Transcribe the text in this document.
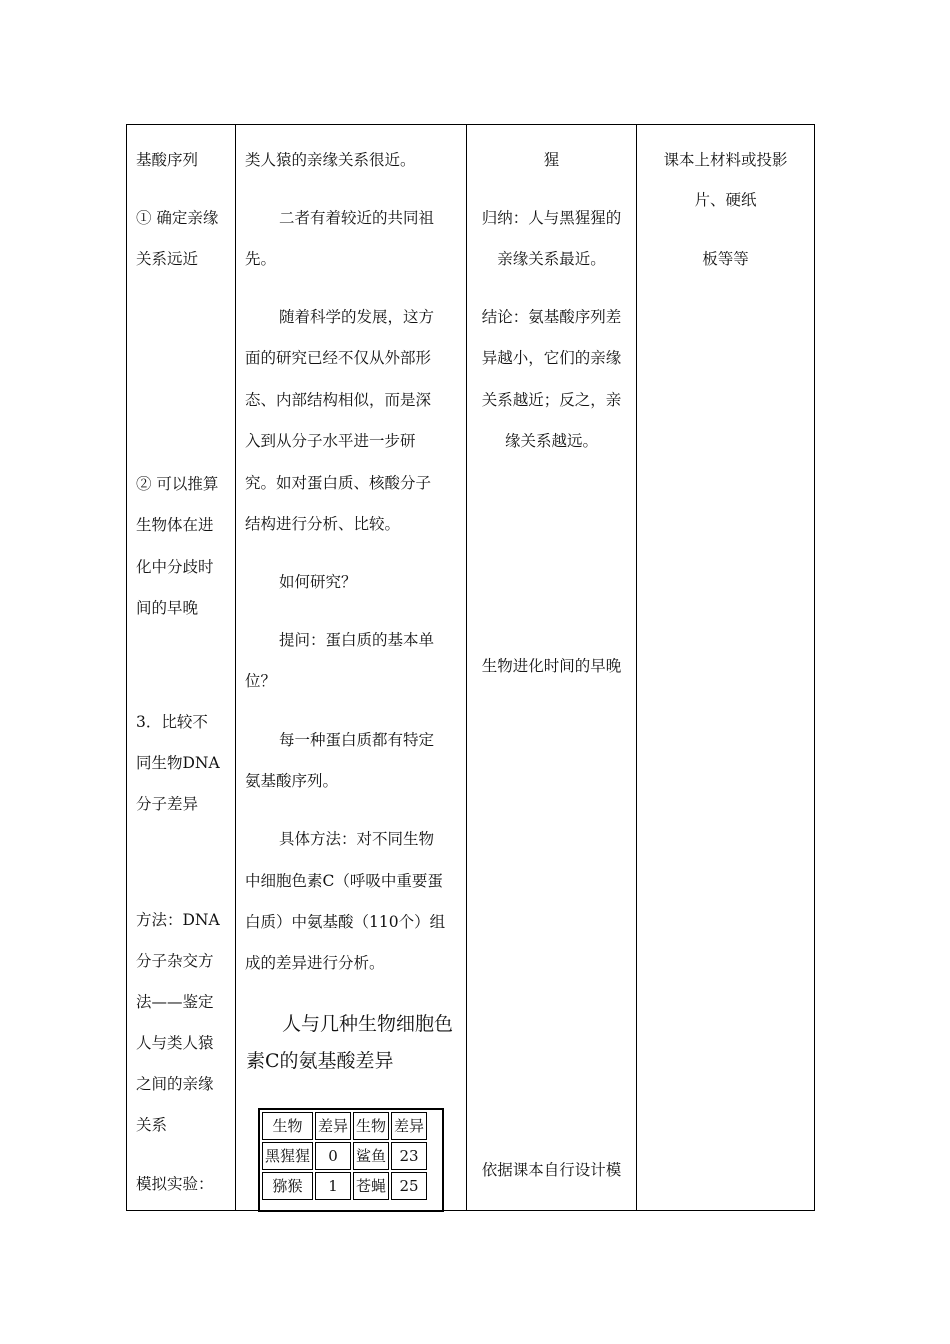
基酸序列

① 确定亲缘

关系远近

② 可以推算

生物体在进

化中分歧时

间的早晚

3．比较不

同生物DNA

分子差异

方法：DNA

分子杂交方

法——鉴定

人与类人猿

之间的亲缘

关系

模拟实验：

类人猿的亲缘关系很近。

二者有着较近的共同祖

先。

随着科学的发展，这方

面的研究已经不仅从外部形

态、内部结构相似，而是深

入到从分子水平进一步研

究。如对蛋白质、核酸分子

结构进行分析、比较。

如何研究？

提问：蛋白质的基本单

位？

每一种蛋白质都有特定

氨基酸序列。

具体方法：对不同生物

中细胞色素C（呼吸中重要蛋

白质）中氨基酸（110个）组

成的差异进行分析。

人与几种生物细胞色
素C的氨基酸差异
生物	差异	生物	差异
黑猩猩	0	鲨鱼	23
猕猴	1	苍蝇	25

猩

归纳：人与黑猩猩的

亲缘关系最近。

结论：氨基酸序列差

异越小，它们的亲缘

关系越近；反之，亲

缘关系越远。

生物进化时间的早晚

依据课本自行设计模

课本上材料或投影

片、硬纸

板等等
